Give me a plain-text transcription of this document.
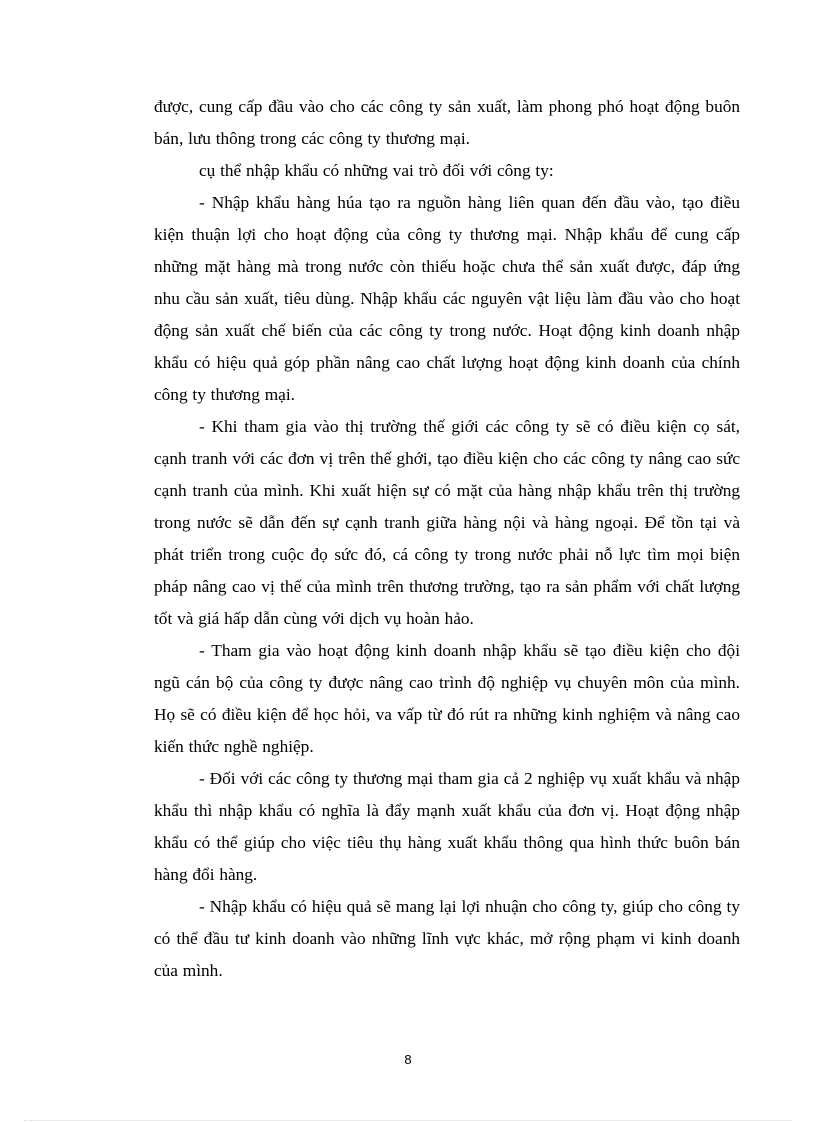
được, cung cấp đầu vào cho các công ty sản xuất, làm phong phó hoạt động buôn bán, lưu thông trong các công ty thương mại.

cụ thể nhập khẩu có những vai trò đối với công ty:

- Nhập khẩu hàng húa tạo ra nguồn hàng liên quan đến đầu vào, tạo điều kiện thuận lợi cho hoạt động của công ty thương mại. Nhập khẩu để cung cấp những mặt hàng mà trong nước còn thiếu hoặc chưa thể sản xuất được, đáp ứng nhu cầu sản xuất, tiêu dùng. Nhập khẩu các nguyên vật liệu làm đầu vào cho hoạt động sản xuất chế biến của các công ty trong nước. Hoạt động kinh doanh nhập khẩu có hiệu quả góp phần nâng cao chất lượng hoạt động kinh doanh của chính công ty thương mại.

- Khi tham gia vào thị trường thế giới các công ty sẽ có điều kiện cọ sát, cạnh tranh với các đơn vị trên thế ghới, tạo điều kiện cho các công ty nâng cao sức cạnh tranh của mình. Khi xuất hiện sự có mặt của hàng nhập khẩu trên thị trường trong nước sẽ dẫn đến sự cạnh tranh giữa hàng nội và hàng ngoại. Để tồn tại và phát triển trong cuộc đọ sức đó, cá công ty trong nước phải nỗ lực tìm mọi biện pháp nâng cao vị thế của mình trên thương trường, tạo ra sản phẩm với chất lượng tốt và giá hấp dẫn cùng với dịch vụ hoàn hảo.

- Tham gia vào hoạt động kinh doanh nhập khẩu sẽ tạo điều kiện cho đội ngũ cán bộ của công ty được nâng cao trình độ nghiệp vụ chuyên môn của mình. Họ sẽ có điều kiện để học hỏi, va vấp từ đó rút ra những kinh nghiệm và nâng cao kiến thức nghề nghiệp.

- Đối với các công ty thương mại tham gia cả 2 nghiệp vụ xuất khẩu và nhập khẩu thì nhập khẩu có nghĩa là đẩy mạnh xuất khẩu của đơn vị. Hoạt động nhập khẩu có thể giúp cho việc tiêu thụ hàng xuất khẩu thông qua hình thức buôn bán hàng đổi hàng.

- Nhập khẩu có hiệu quả sẽ mang lại lợi nhuận cho công ty, giúp cho công ty có thể đầu tư kinh doanh vào những lĩnh vực khác, mở rộng phạm vi kinh doanh của mình.

8
